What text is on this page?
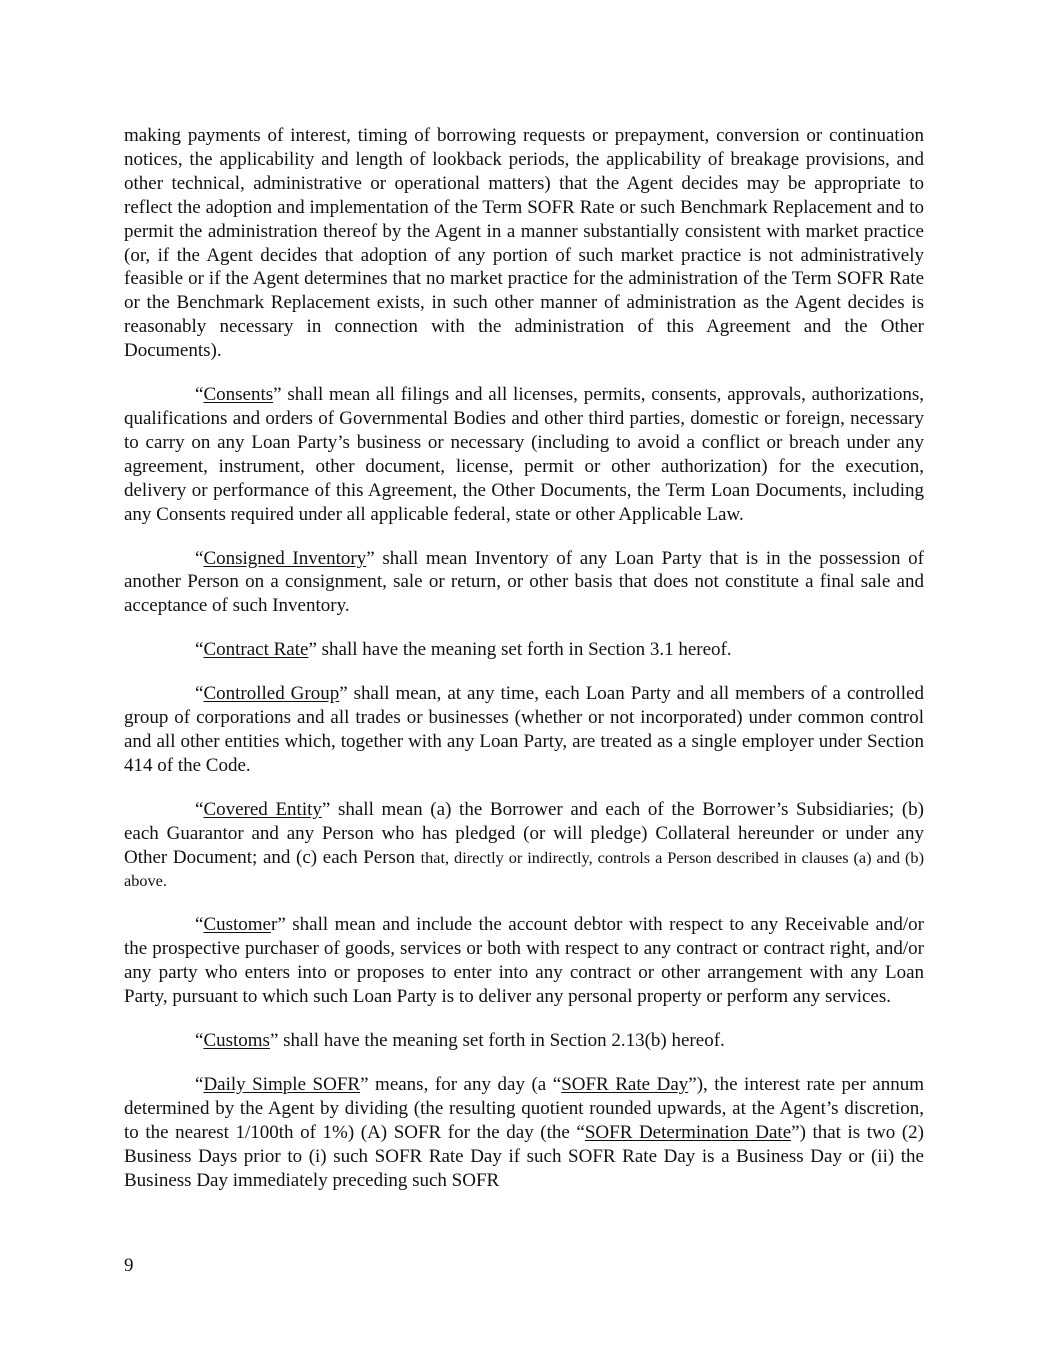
making payments of interest, timing of borrowing requests or prepayment, conversion or continuation notices, the applicability and length of lookback periods, the applicability of breakage provisions, and other technical, administrative or operational matters) that the Agent decides may be appropriate to reflect the adoption and implementation of the Term SOFR Rate or such Benchmark Replacement and to permit the administration thereof by the Agent in a manner substantially consistent with market practice (or, if the Agent decides that adoption of any portion of such market practice is not administratively feasible or if the Agent determines that no market practice for the administration of the Term SOFR Rate or the Benchmark Replacement exists, in such other manner of administration as the Agent decides is reasonably necessary in connection with the administration of this Agreement and the Other Documents).

“Consents” shall mean all filings and all licenses, permits, consents, approvals, authorizations, qualifications and orders of Governmental Bodies and other third parties, domestic or foreign, necessary to carry on any Loan Party’s business or necessary (including to avoid a conflict or breach under any agreement, instrument, other document, license, permit or other authorization) for the execution, delivery or performance of this Agreement, the Other Documents, the Term Loan Documents, including any Consents required under all applicable federal, state or other Applicable Law.

“Consigned Inventory” shall mean Inventory of any Loan Party that is in the possession of another Person on a consignment, sale or return, or other basis that does not constitute a final sale and acceptance of such Inventory.

“Contract Rate” shall have the meaning set forth in Section 3.1 hereof.

“Controlled Group” shall mean, at any time, each Loan Party and all members of a controlled group of corporations and all trades or businesses (whether or not incorporated) under common control and all other entities which, together with any Loan Party, are treated as a single employer under Section 414 of the Code.

“Covered Entity” shall mean (a) the Borrower and each of the Borrower’s Subsidiaries; (b) each Guarantor and any Person who has pledged (or will pledge) Collateral hereunder or under any Other Document; and (c) each Person that, directly or indirectly, controls a Person described in clauses (a) and (b) above.

“Customer” shall mean and include the account debtor with respect to any Receivable and/or the prospective purchaser of goods, services or both with respect to any contract or contract right, and/or any party who enters into or proposes to enter into any contract or other arrangement with any Loan Party, pursuant to which such Loan Party is to deliver any personal property or perform any services.

“Customs” shall have the meaning set forth in Section 2.13(b) hereof.

“Daily Simple SOFR” means, for any day (a “SOFR Rate Day”), the interest rate per annum determined by the Agent by dividing (the resulting quotient rounded upwards, at the Agent’s discretion, to the nearest 1/100th of 1%) (A) SOFR for the day (the “SOFR Determination Date”) that is two (2) Business Days prior to (i) such SOFR Rate Day if such SOFR Rate Day is a Business Day or (ii) the Business Day immediately preceding such SOFR

9
